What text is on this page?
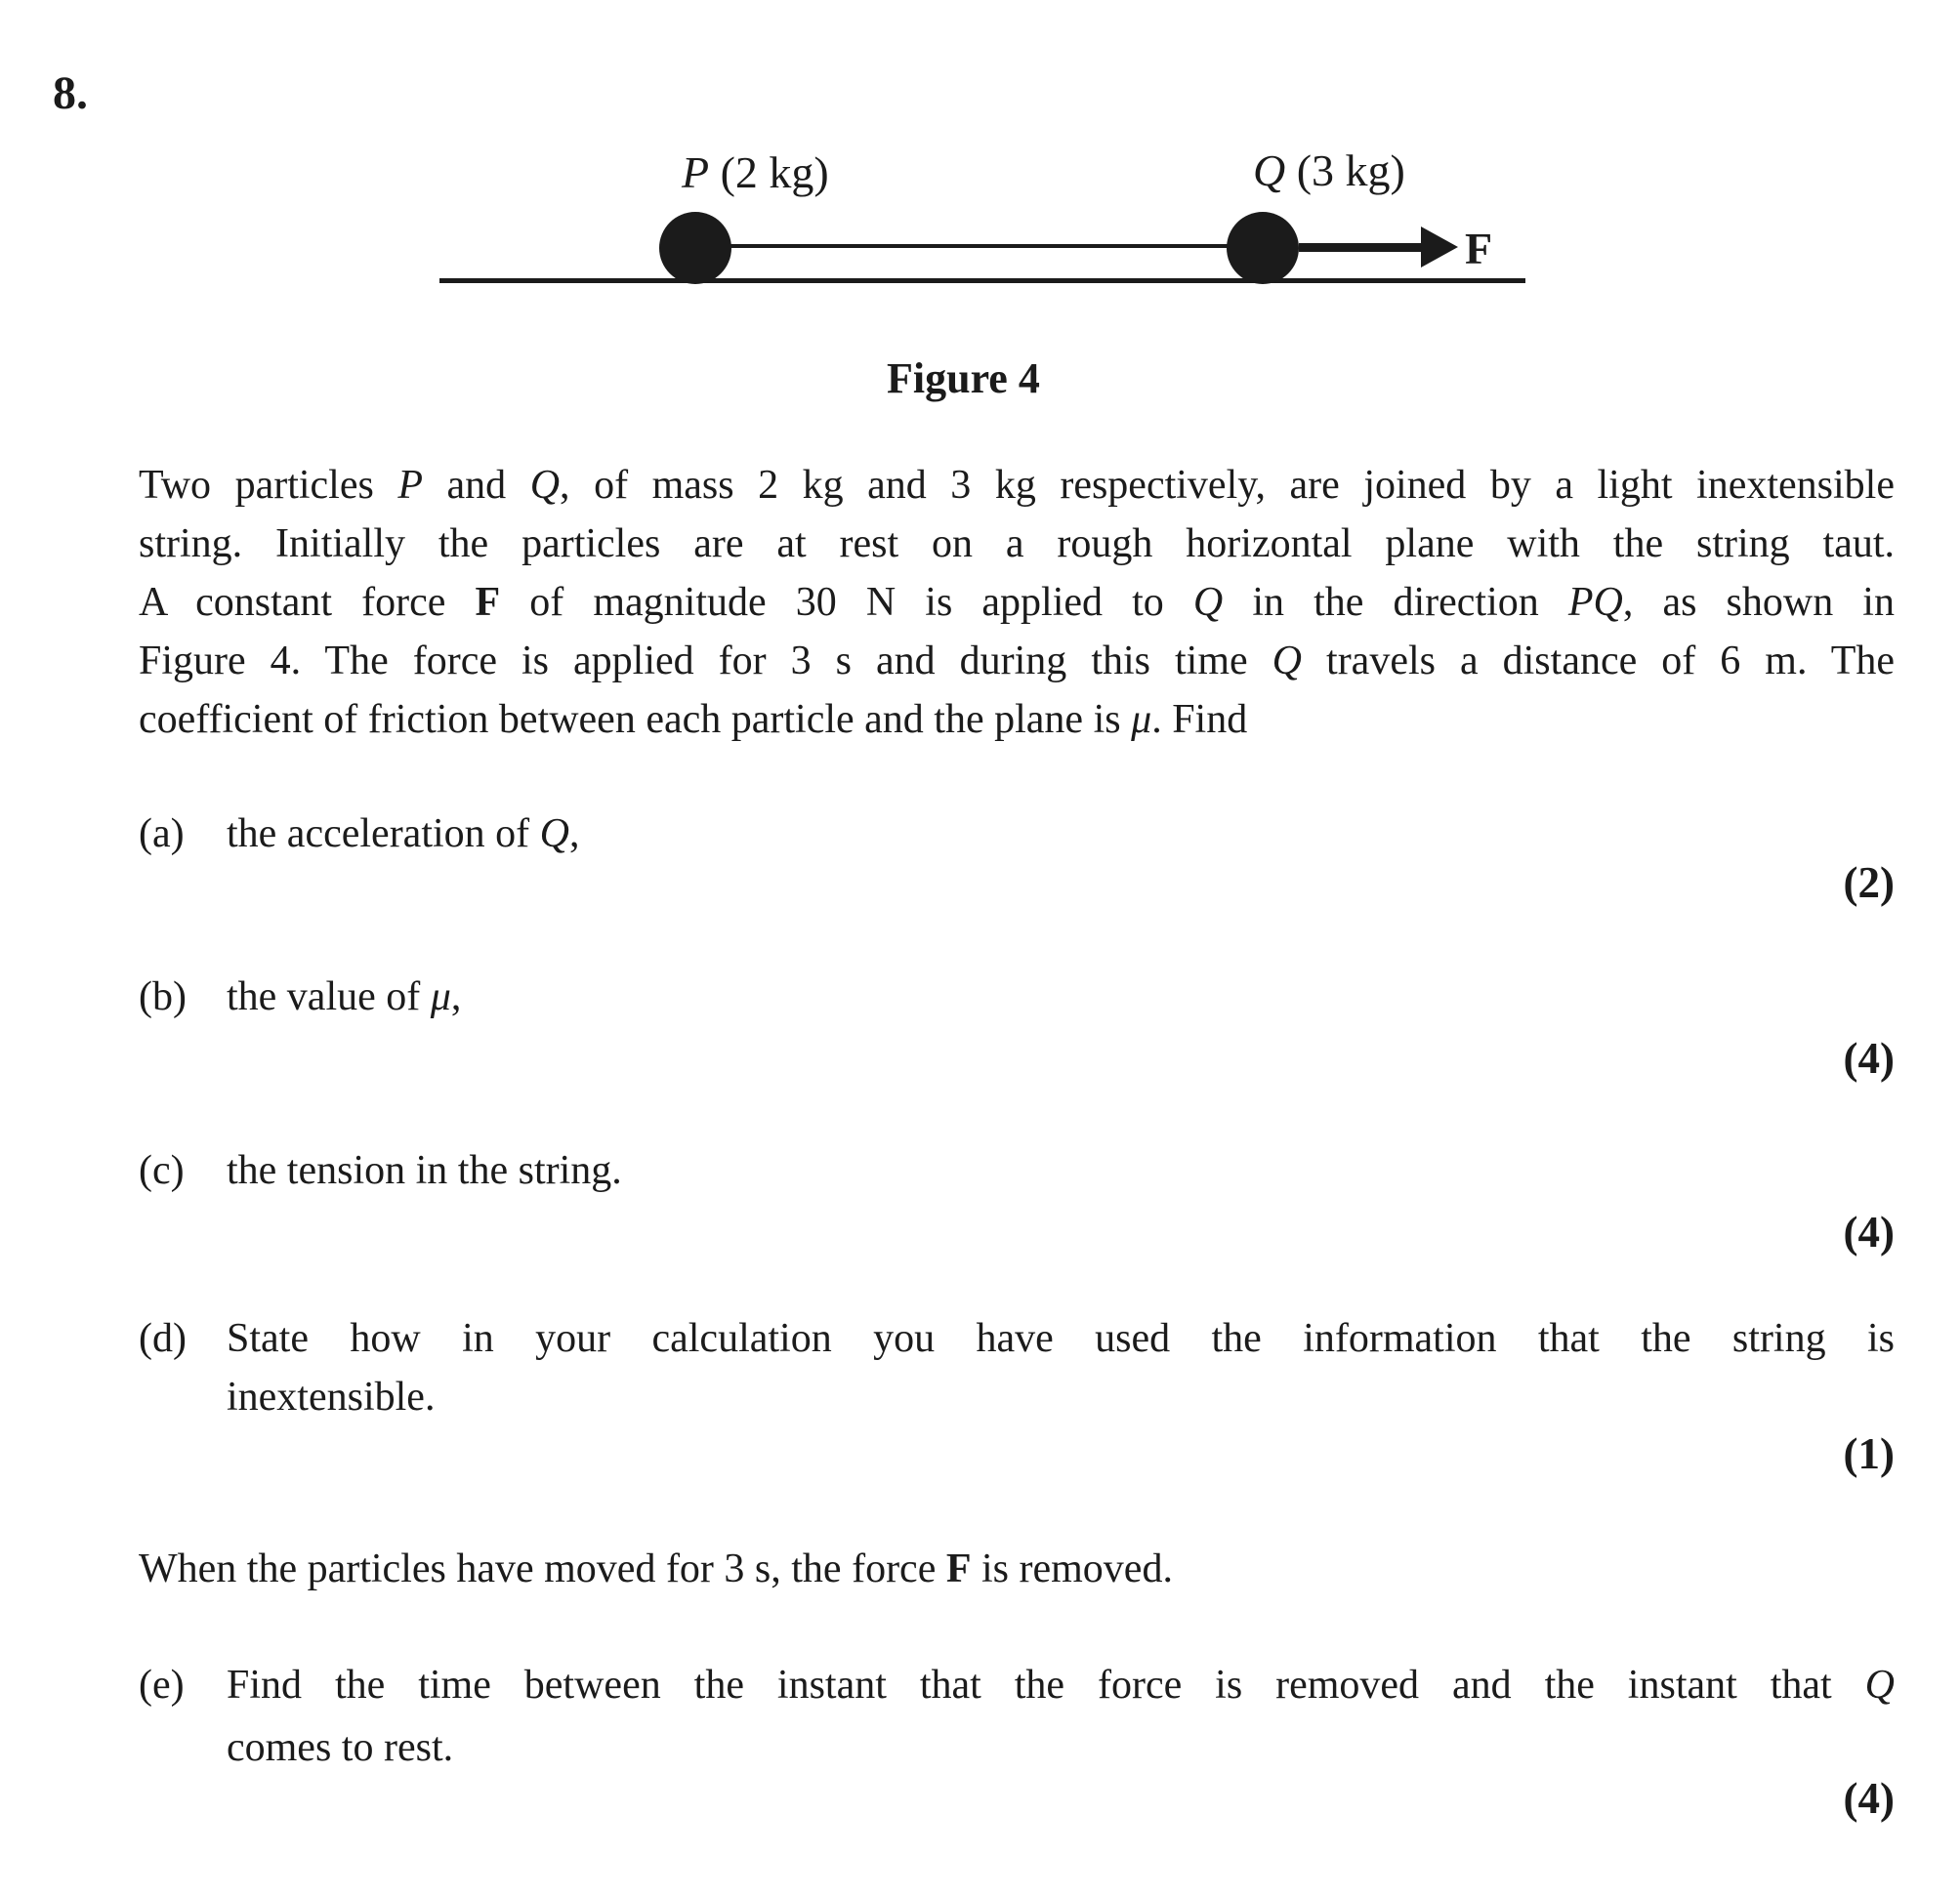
8.
P (2 kg)	Q (3 kg)
F
Figure 4
Two particles P and Q, of mass 2 kg and 3 kg respectively, are joined by a light inextensible
string. Initially the particles are at rest on a rough horizontal plane with the string taut.
A constant force F of magnitude 30 N is applied to Q in the direction PQ, as shown in
Figure 4. The force is applied for 3 s and during this time Q travels a distance of 6 m. The
coefficient of friction between each particle and the plane is μ. Find
(a) the acceleration of Q,
(2)
(b) the value of μ,
(4)
(c) the tension in the string.
(4)
(d) State how in your calculation you have used the information that the string is
inextensible.
(1)
When the particles have moved for 3 s, the force F is removed.
(e) Find the time between the instant that the force is removed and the instant that Q
comes to rest.
(4)
